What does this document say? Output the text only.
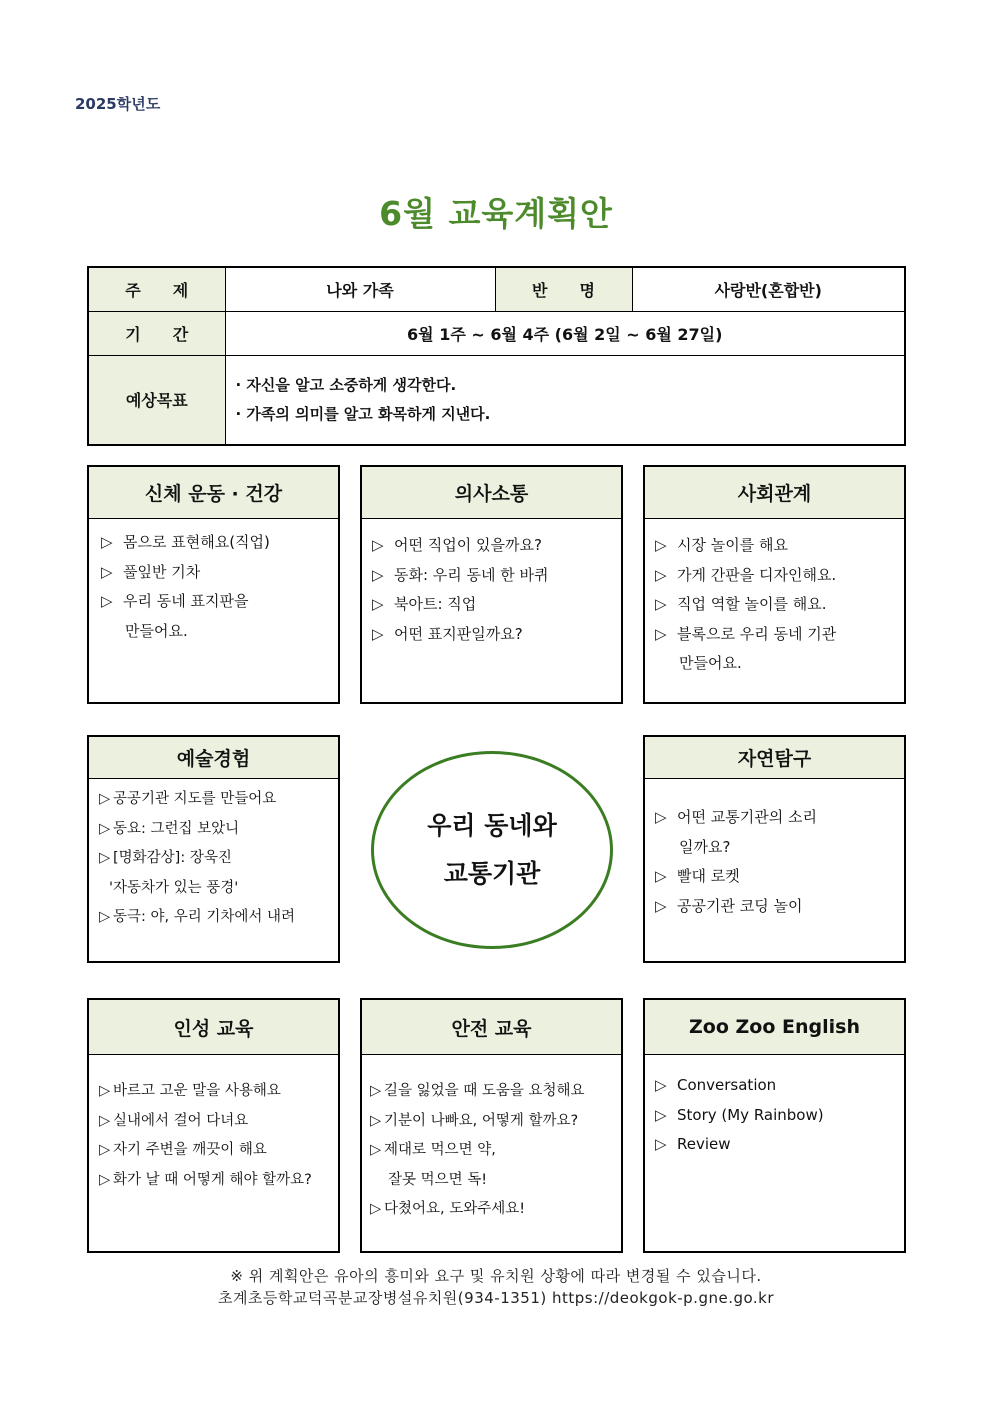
2025학년도
6월 교육계획안
주　　제	나와 가족	반　　명	사랑반(혼합반)
기　　간	6월 1주 ~ 6월 4주 (6월 2일 ~ 6월 27일)		
예상목표	· 자신을 알고 소중하게 생각한다.
· 가족의 의미를 알고 화목하게 지낸다.		
신체 운동 · 건강
▷ 몸으로 표현해요(직업)
▷ 풀잎반 기차
▷ 우리 동네 표지판을
만들어요.
의사소통
▷ 어떤 직업이 있을까요?
▷ 동화: 우리 동네 한 바퀴
▷ 북아트: 직업
▷ 어떤 표지판일까요?
사회관계
▷ 시장 놀이를 해요
▷ 가게 간판을 디자인해요.
▷ 직업 역할 놀이를 해요.
▷ 블록으로 우리 동네 기관
만들어요.
예술경험
▷ 공공기관 지도를 만들어요
▷ 동요: 그런집 보았니
▷ [명화감상]: 장욱진
'자동차가 있는 풍경'
▷ 동극: 야, 우리 기차에서 내려
우리 동네와
교통기관
자연탐구
▷ 어떤 교통기관의 소리
일까요?
▷ 빨대 로켓
▷ 공공기관 코딩 놀이
인성 교육
▷ 바르고 고운 말을 사용해요
▷ 실내에서 걸어 다녀요
▷ 자기 주변을 깨끗이 해요
▷ 화가 날 때 어떻게 해야 할까요?
안전 교육
▷ 길을 잃었을 때 도움을 요청해요
▷ 기분이 나빠요, 어떻게 할까요?
▷ 제대로 먹으면 약,
잘못 먹으면 독!
▷ 다쳤어요, 도와주세요!
Zoo Zoo English
▷ Conversation
▷ Story (My Rainbow)
▷ Review
※ 위 계획안은 유아의 흥미와 요구 및 유치원 상황에 따라 변경될 수 있습니다.
초계초등학교덕곡분교장병설유치원(934-1351) https://deokgok-p.gne.go.kr
